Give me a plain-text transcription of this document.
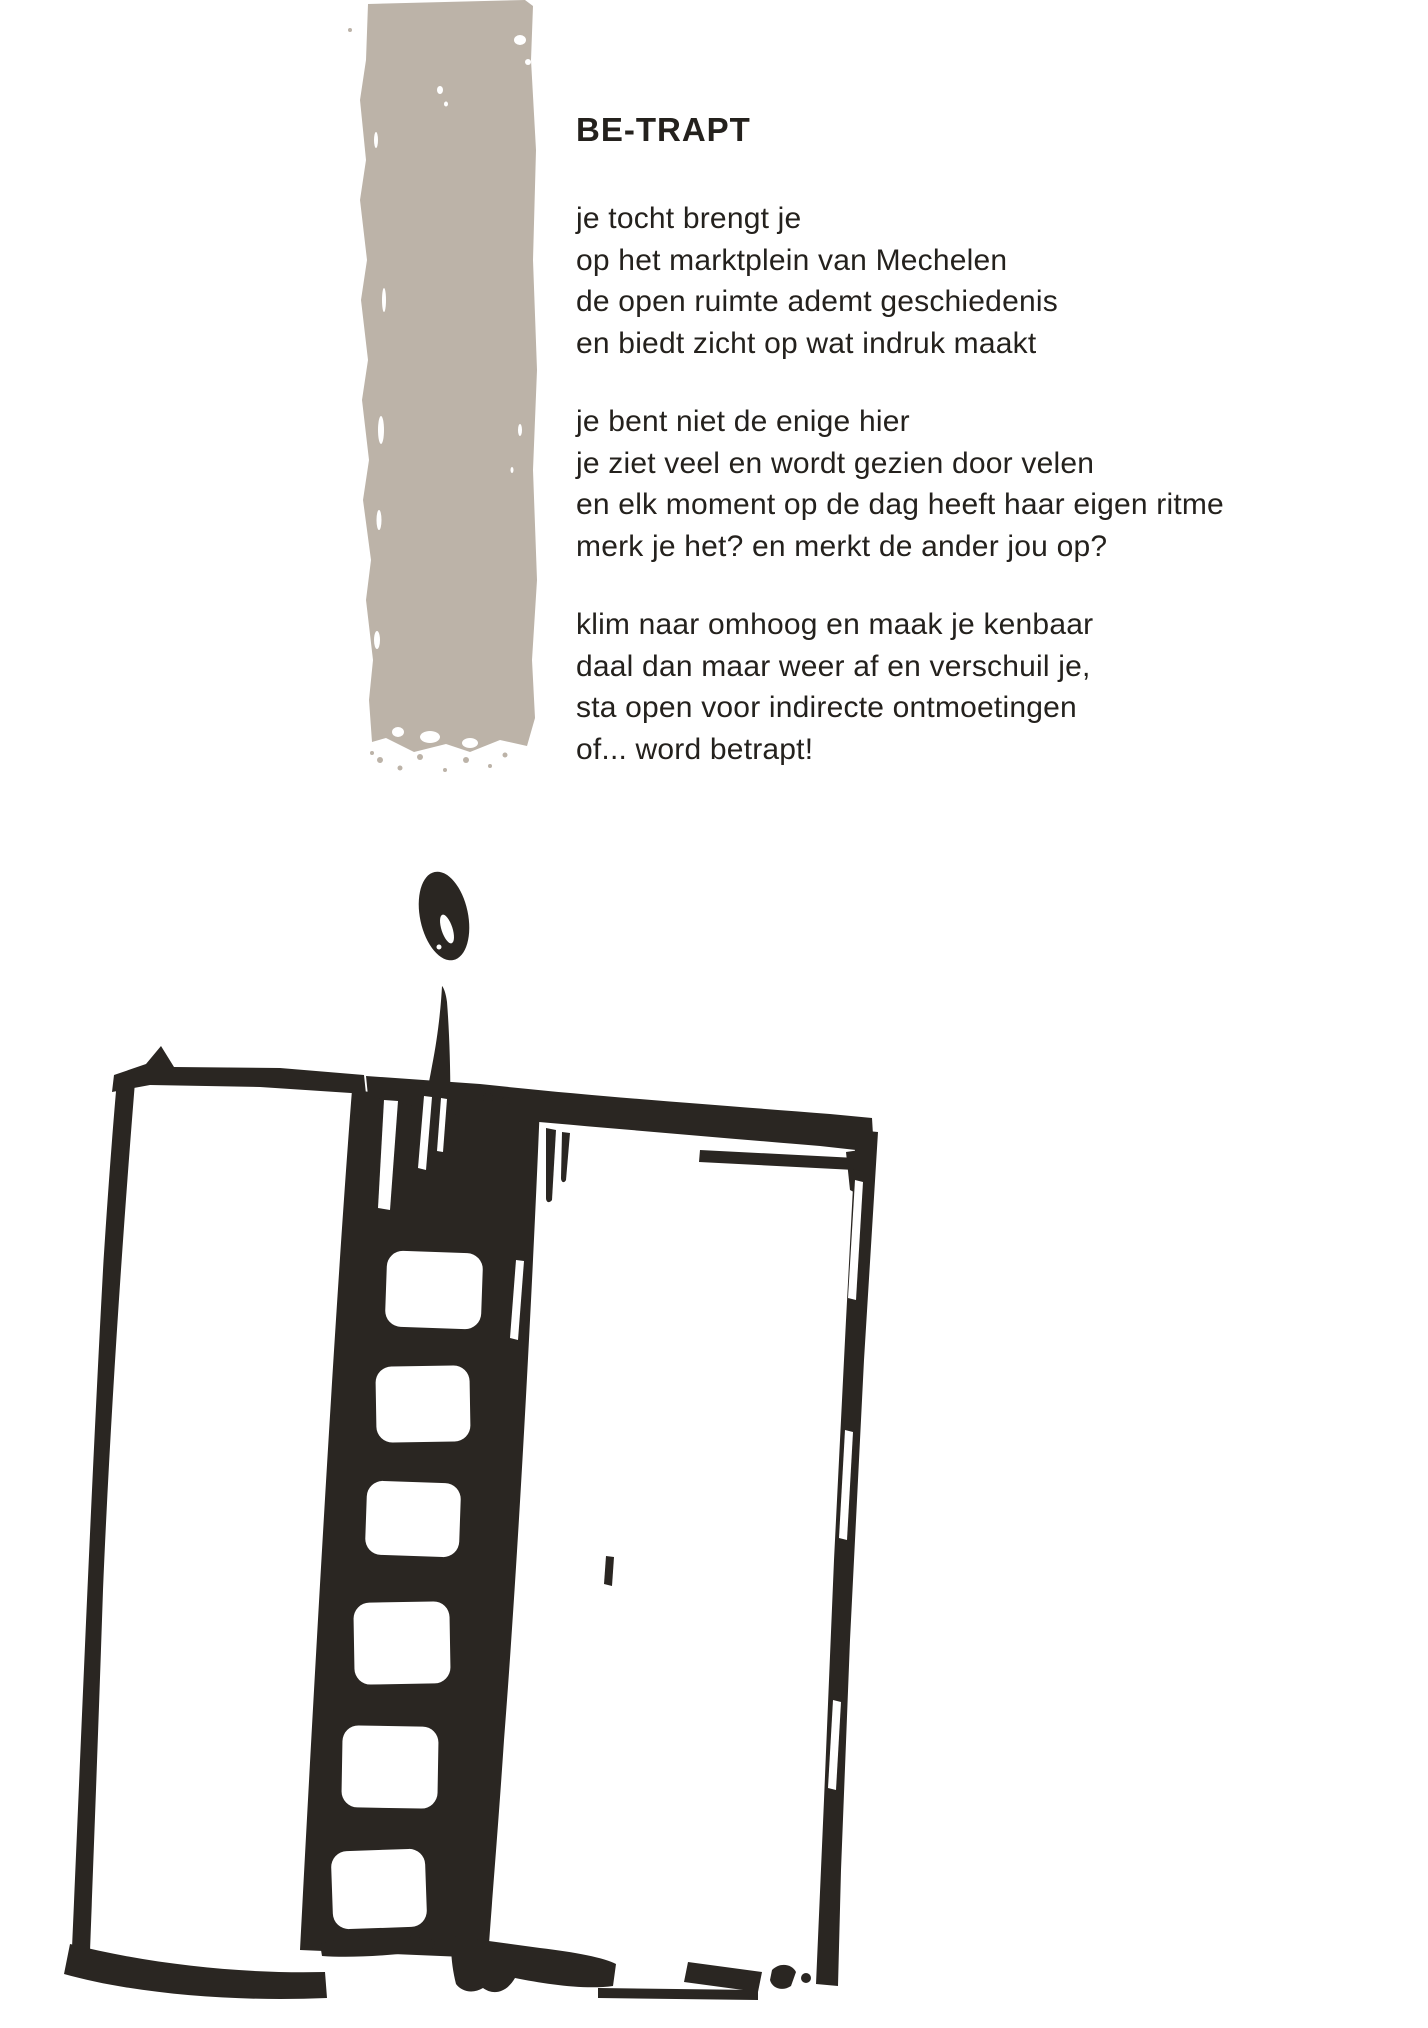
BE-TRAPT
je tocht brengt je
op het marktplein van Mechelen
de open ruimte ademt geschiedenis
en biedt zicht op wat indruk maakt
je bent niet de enige hier
je ziet veel en wordt gezien door velen
en elk moment op de dag heeft haar eigen ritme
merk je het? en merkt de ander jou op?
klim naar omhoog en maak je kenbaar
daal dan maar weer af en verschuil je,
sta open voor indirecte ontmoetingen
of... word betrapt!
